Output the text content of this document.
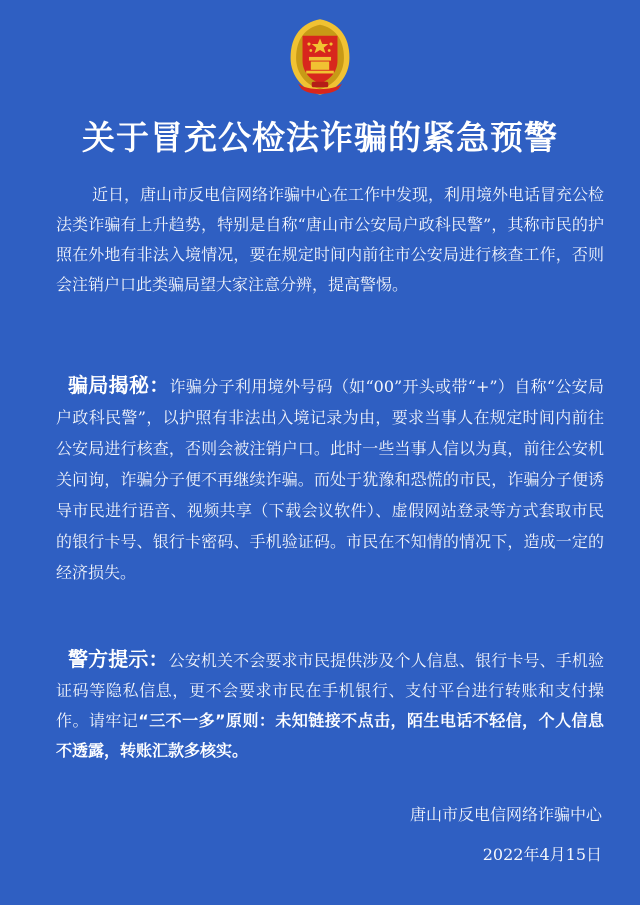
关于冒充公检法诈骗的紧急预警
近日，唐山市反电信网络诈骗中心在工作中发现，利用境外电话冒充公检法类诈骗有上升趋势，特别是自称“唐山市公安局户政科民警”，其称市民的护照在外地有非法入境情况，要在规定时间内前往市公安局进行核查工作，否则会注销户口此类骗局望大家注意分辨，提高警惕。
骗局揭秘：诈骗分子利用境外号码（如“00”开头或带“+”）自称“公安局户政科民警”，以护照有非法出入境记录为由，要求当事人在规定时间内前往公安局进行核查，否则会被注销户口。此时一些当事人信以为真，前往公安机关问询，诈骗分子便不再继续诈骗。而处于犹豫和恐慌的市民，诈骗分子便诱导市民进行语音、视频共享（下载会议软件）、虚假网站登录等方式套取市民的银行卡号、银行卡密码、手机验证码。市民在不知情的情况下，造成一定的经济损失。
警方提示：公安机关不会要求市民提供涉及个人信息、银行卡号、手机验证码等隐私信息，更不会要求市民在手机银行、支付平台进行转账和支付操作。请牢记“三不一多”原则：未知链接不点击，陌生电话不轻信，个人信息不透露，转账汇款多核实。
唐山市反电信网络诈骗中心
2022年4月15日
